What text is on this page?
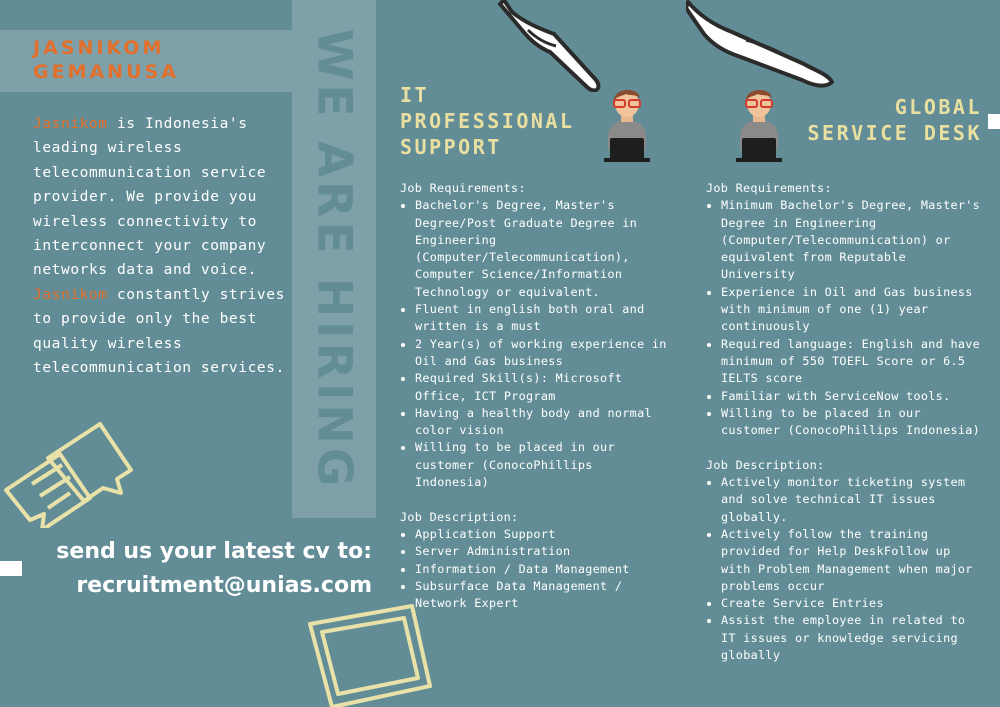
JASNIKOM GEMANUSA

Jasnikom is Indonesia's leading wireless telecommunication service provider. We provide you wireless connectivity to interconnect your company networks data and voice. Jasnikom constantly strives to provide only the best quality wireless telecommunication services. WE ARE HIRING
send us your latest cv to:
recruitment@unias.com
IT
PROFESSIONAL
SUPPORT

Job Requirements:

• Bachelor's Degree, Master's Degree/Post Graduate Degree in Engineering (Computer/Telecommunication), Computer Science/Information Technology or equivalent.
• Fluent in english both oral and written is a must
• 2 Year(s) of working experience in Oil and Gas business
• Required Skill(s): Microsoft Office, ICT Program
• Having a healthy body and normal color vision
• Willing to be placed in our customer (ConocoPhillips Indonesia)

Job Description:

• Application Support
• Server Administration
• Information / Data Management
• Subsurface Data Management / Network Expert
GLOBAL
SERVICE DESK

Job Requirements:

• Minimum Bachelor's Degree, Master's Degree in Engineering (Computer/Telecommunication) or equivalent from Reputable University
• Experience in Oil and Gas business with minimum of one (1) year continuously
• Required language: English and have minimum of 550 TOEFL Score or 6.5 IELTS score
• Familiar with ServiceNow tools.
• Willing to be placed in our customer (ConocoPhillips Indonesia)

Job Description:

• Actively monitor ticketing system and solve technical IT issues globally.
• Actively follow the training provided for Help DeskFollow up with Problem Management when major problems occur
• Create Service Entries
• Assist the employee in related to IT issues or knowledge servicing globally
